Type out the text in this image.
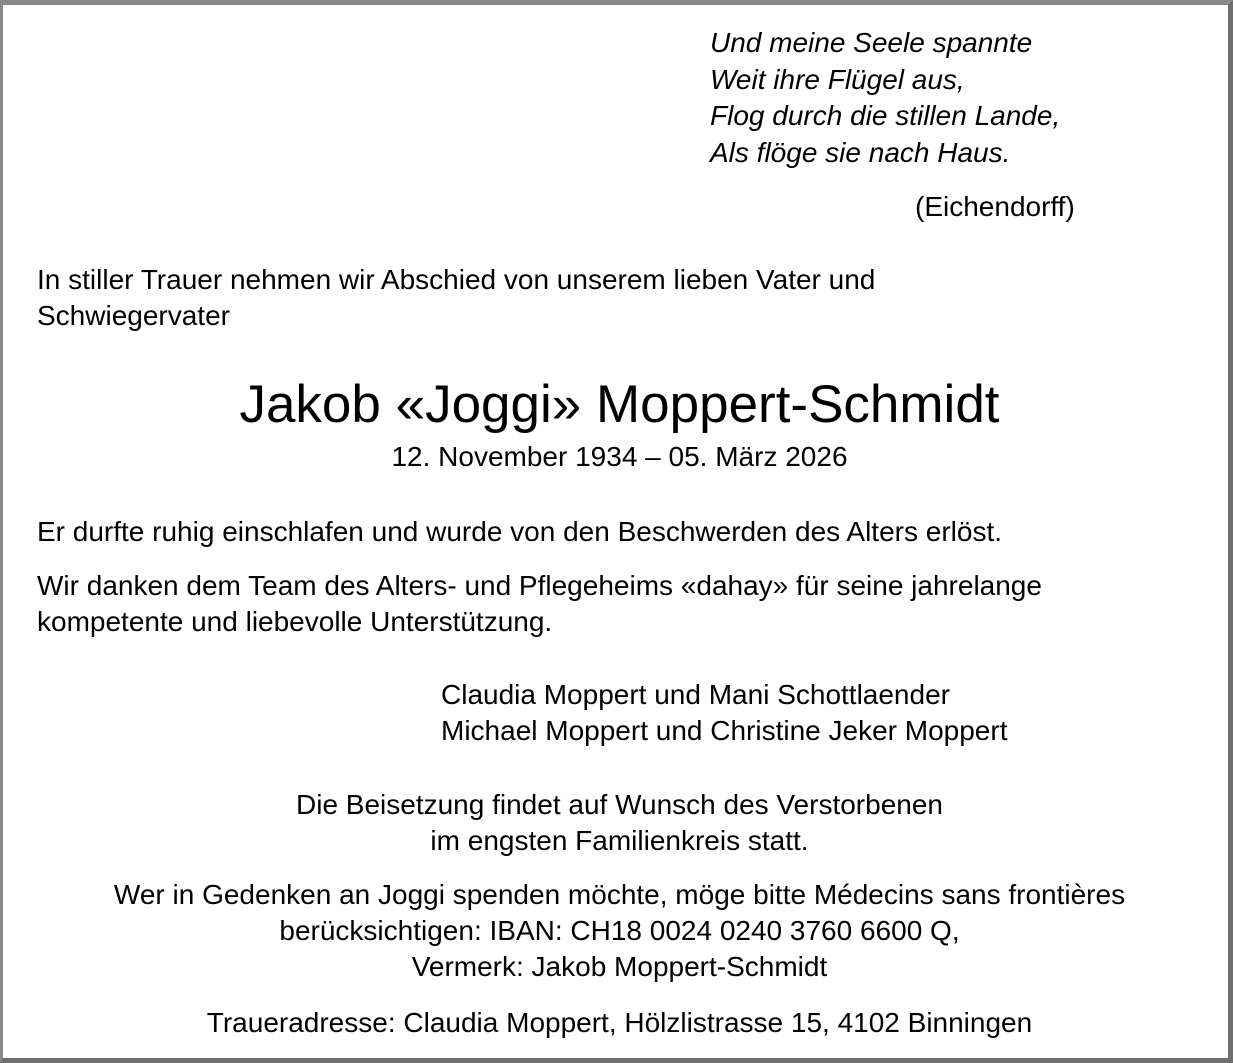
Und meine Seele spannte
Weit ihre Flügel aus,
Flog durch die stillen Lande,
Als flöge sie nach Haus.
(Eichendorff)
In stiller Trauer nehmen wir Abschied von unserem lieben Vater und
Schwiegervater
Jakob «Joggi» Moppert-Schmidt
12. November 1934 – 05. März 2026
Er durfte ruhig einschlafen und wurde von den Beschwerden des Alters erlöst.
Wir danken dem Team des Alters- und Pflegeheims «dahay» für seine jahrelange
kompetente und liebevolle Unterstützung.
Claudia Moppert und Mani Schottlaender
Michael Moppert und Christine Jeker Moppert
Die Beisetzung findet auf Wunsch des Verstorbenen
im engsten Familienkreis statt.
Wer in Gedenken an Joggi spenden möchte, möge bitte Médecins sans frontières
berücksichtigen: IBAN: CH18 0024 0240 3760 6600 Q,
Vermerk: Jakob Moppert-Schmidt
Traueradresse: Claudia Moppert, Hölzlistrasse 15, 4102 Binningen
